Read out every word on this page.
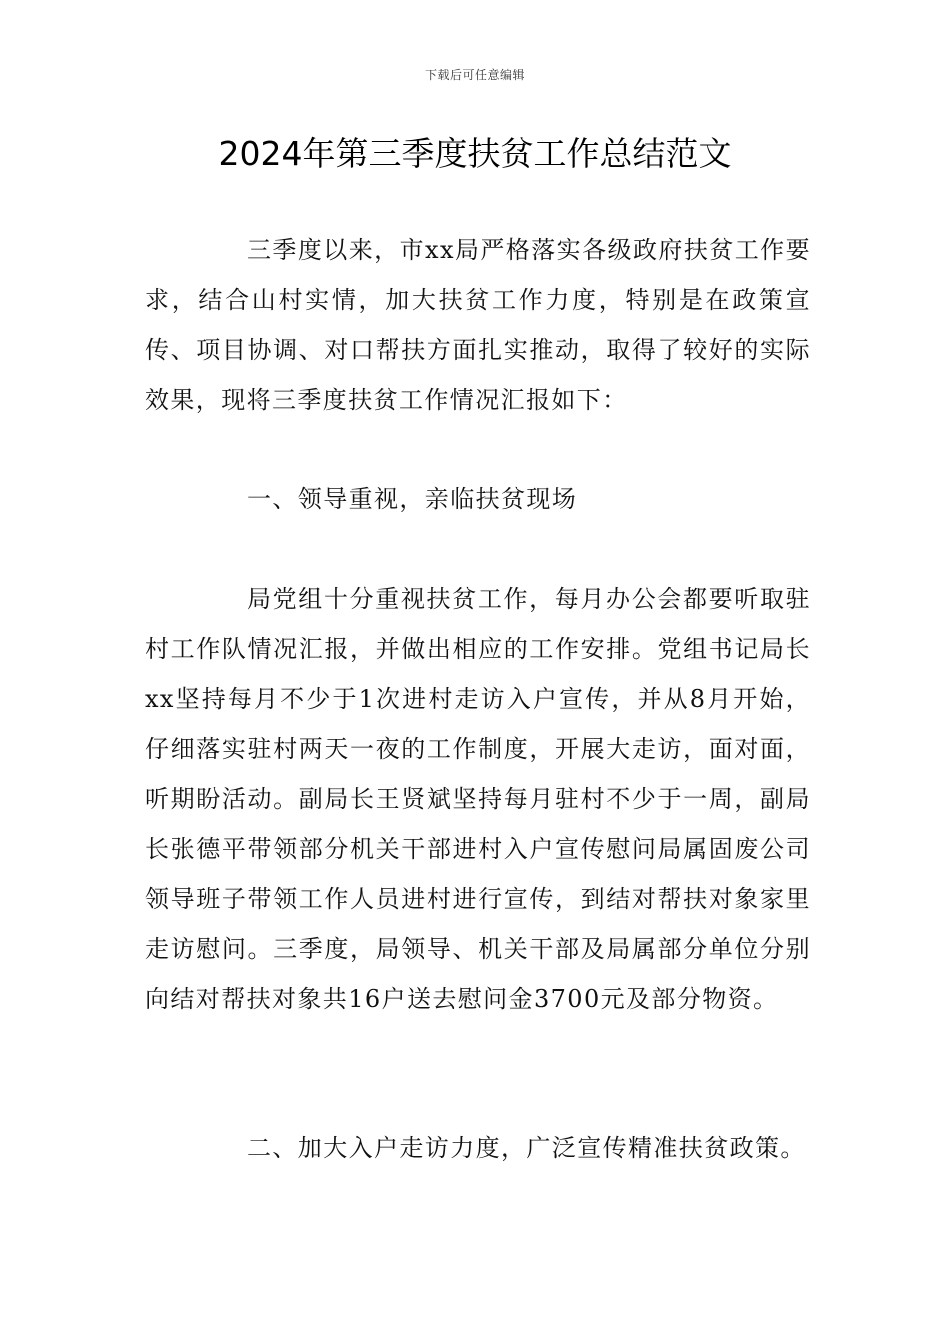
下载后可任意编辑
2024年第三季度扶贫工作总结范文

三季度以来，市xx局严格落实各级政府扶贫工作要求，结合山村实情，加大扶贫工作力度，特别是在政策宣传、项目协调、对口帮扶方面扎实推动，取得了较好的实际效果，现将三季度扶贫工作情况汇报如下：

一、领导重视，亲临扶贫现场

局党组十分重视扶贫工作，每月办公会都要听取驻村工作队情况汇报，并做出相应的工作安排。党组书记局长xx坚持每月不少于1次进村走访入户宣传，并从8月开始，仔细落实驻村两天一夜的工作制度，开展大走访，面对面，听期盼活动。副局长王贤斌坚持每月驻村不少于一周，副局长张德平带领部分机关干部进村入户宣传慰问局属固废公司领导班子带领工作人员进村进行宣传，到结对帮扶对象家里走访慰问。三季度，局领导、机关干部及局属部分单位分别向结对帮扶对象共16户送去慰问金3700元及部分物资。

二、加大入户走访力度，广泛宣传精准扶贫政策。
